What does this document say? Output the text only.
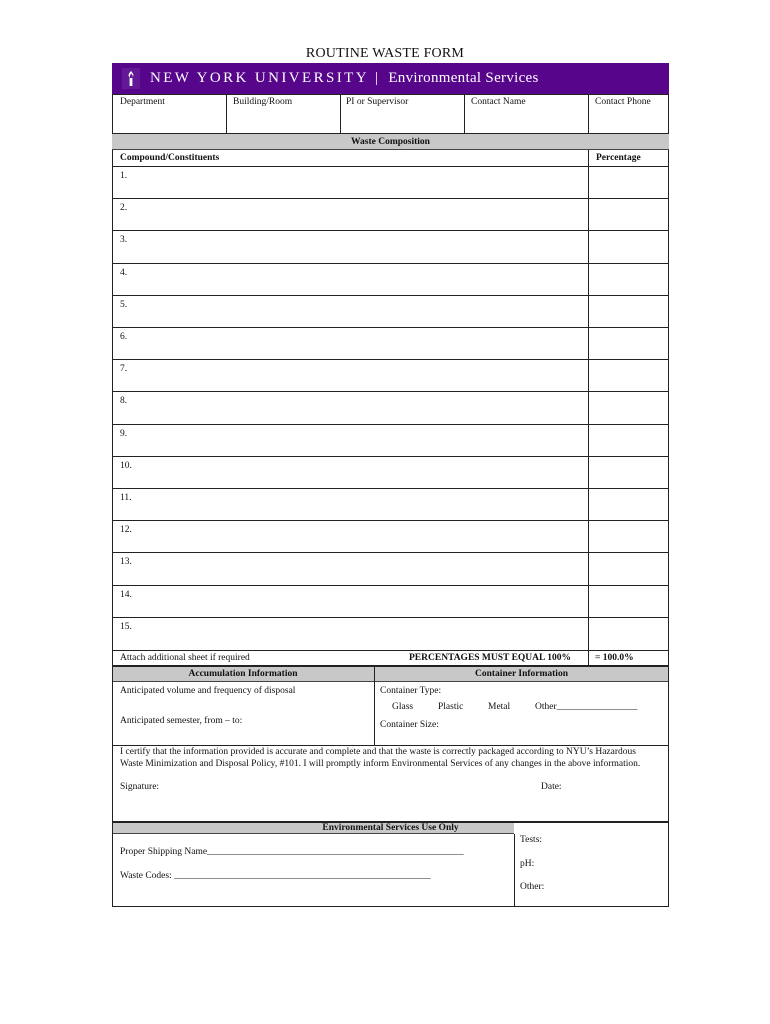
ROUTINE WASTE FORM
NEW YORK UNIVERSITY | Environmental Services
Department	Building/Room	PI or Supervisor	Contact Name	Contact Phone
Waste Composition
Compound/Constituents	Percentage
1.
2.
3.
4.
5.
6.
7.
8.
9.
10.
11.
12.
13.
14.
15.
Attach additional sheet if required	PERCENTAGES MUST EQUAL 100%	= 100.0%
Accumulation Information	Container Information
Anticipated volume and frequency of disposal
Anticipated semester, from – to:
Container Type:
Glass	Plastic	Metal	Other_________________
Container Size:
I certify that the information provided is accurate and complete and that the waste is correctly packaged according to NYU’s Hazardous Waste Minimization and Disposal Policy, #101. I will promptly inform Environmental Services of any changes in the above information.
Signature:	Date:
Environmental Services Use Only
Proper Shipping Name______________________________________________________
Waste Codes: ______________________________________________________
Tests:
pH:
Other:
